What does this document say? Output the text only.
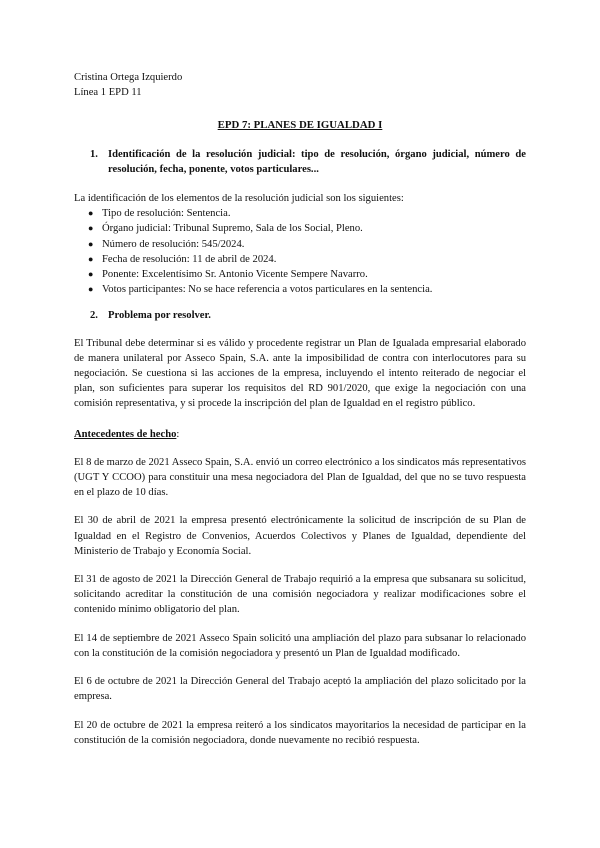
Cristina Ortega Izquierdo

Línea 1 EPD 11

EPD 7: PLANES DE IGUALDAD I
1. Identificación de la resolución judicial: tipo de resolución, órgano judicial, número de resolución, fecha, ponente, votos particulares...
La identificación de los elementos de la resolución judicial son los siguientes:
● Tipo de resolución: Sentencia.
● Órgano judicial: Tribunal Supremo, Sala de los Social, Pleno.
● Número de resolución: 545/2024.
● Fecha de resolución: 11 de abril de 2024.
● Ponente: Excelentísimo Sr. Antonio Vicente Sempere Navarro.
● Votos participantes: No se hace referencia a votos particulares en la sentencia.
2. Problema por resolver.
El Tribunal debe determinar si es válido y procedente registrar un Plan de Igualada empresarial elaborado de manera unilateral por Asseco Spain, S.A. ante la imposibilidad de contra con interlocutores para su negociación. Se cuestiona si las acciones de la empresa, incluyendo el intento reiterado de negociar el plan, son suficientes para superar los requisitos del RD 901/2020, que exige la negociación con una comisión representativa, y si procede la inscripción del plan de Igualdad en el registro público.
Antecedentes de hecho:
El 8 de marzo de 2021 Asseco Spain, S.A. envió un correo electrónico a los sindicatos más representativos (UGT Y CCOO) para constituir una mesa negociadora del Plan de Igualdad, del que no se tuvo respuesta en el plazo de 10 días.
El 30 de abril de 2021 la empresa presentó electrónicamente la solicitud de inscripción de su Plan de Igualdad en el Registro de Convenios, Acuerdos Colectivos y Planes de Igualdad, dependiente del Ministerio de Trabajo y Economía Social.
El 31 de agosto de 2021 la Dirección General de Trabajo requirió a la empresa que subsanara su solicitud, solicitando acreditar la constitución de una comisión negociadora y realizar modificaciones sobre el contenido mínimo obligatorio del plan.
El 14 de septiembre de 2021 Asseco Spain solicitó una ampliación del plazo para subsanar lo relacionado con la constitución de la comisión negociadora y presentó un Plan de Igualdad modificado.
El 6 de octubre de 2021 la Dirección General del Trabajo aceptó la ampliación del plazo solicitado por la empresa.
El 20 de octubre de 2021 la empresa reiteró a los sindicatos mayoritarios la necesidad de participar en la constitución de la comisión negociadora, donde nuevamente no recibió respuesta.
